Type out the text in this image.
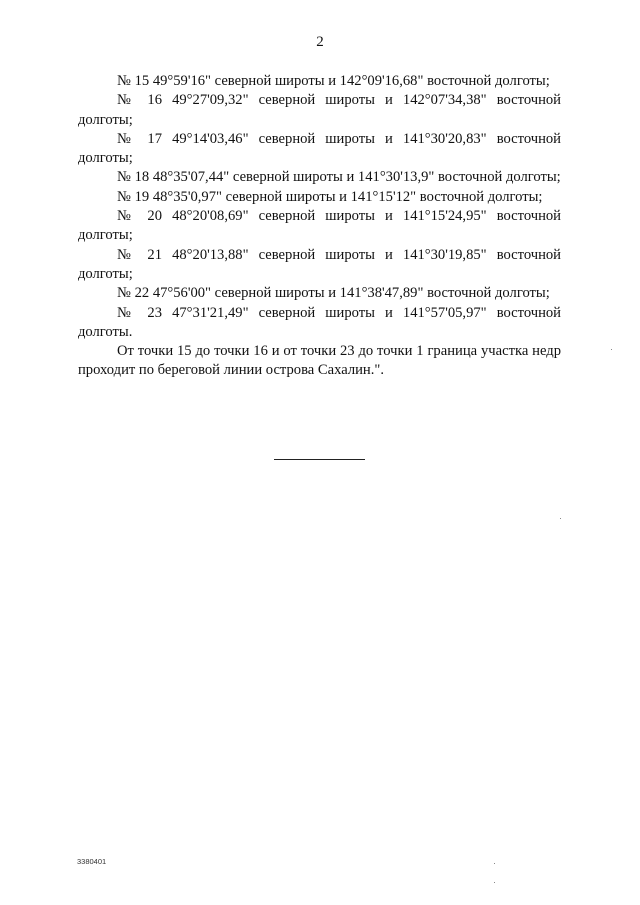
2

№ 15 49°59'16" северной широты и 142°09'16,68" восточной долготы;

№ 16 49°27'09,32" северной широты и 142°07'34,38" восточной долготы;

№ 17 49°14'03,46" северной широты и 141°30'20,83" восточной долготы;

№ 18 48°35'07,44" северной широты и 141°30'13,9" восточной долготы;

№ 19 48°35'0,97" северной широты и 141°15'12" восточной долготы;

№ 20 48°20'08,69" северной широты и 141°15'24,95" восточной долготы;

№ 21 48°20'13,88" северной широты и 141°30'19,85" восточной долготы;

№ 22 47°56'00" северной широты и 141°38'47,89" восточной долготы;

№ 23 47°31'21,49" северной широты и 141°57'05,97" восточной долготы.

От точки 15 до точки 16 и от точки 23 до точки 1 граница участка недр проходит по береговой линии острова Сахалин.".

3380401
